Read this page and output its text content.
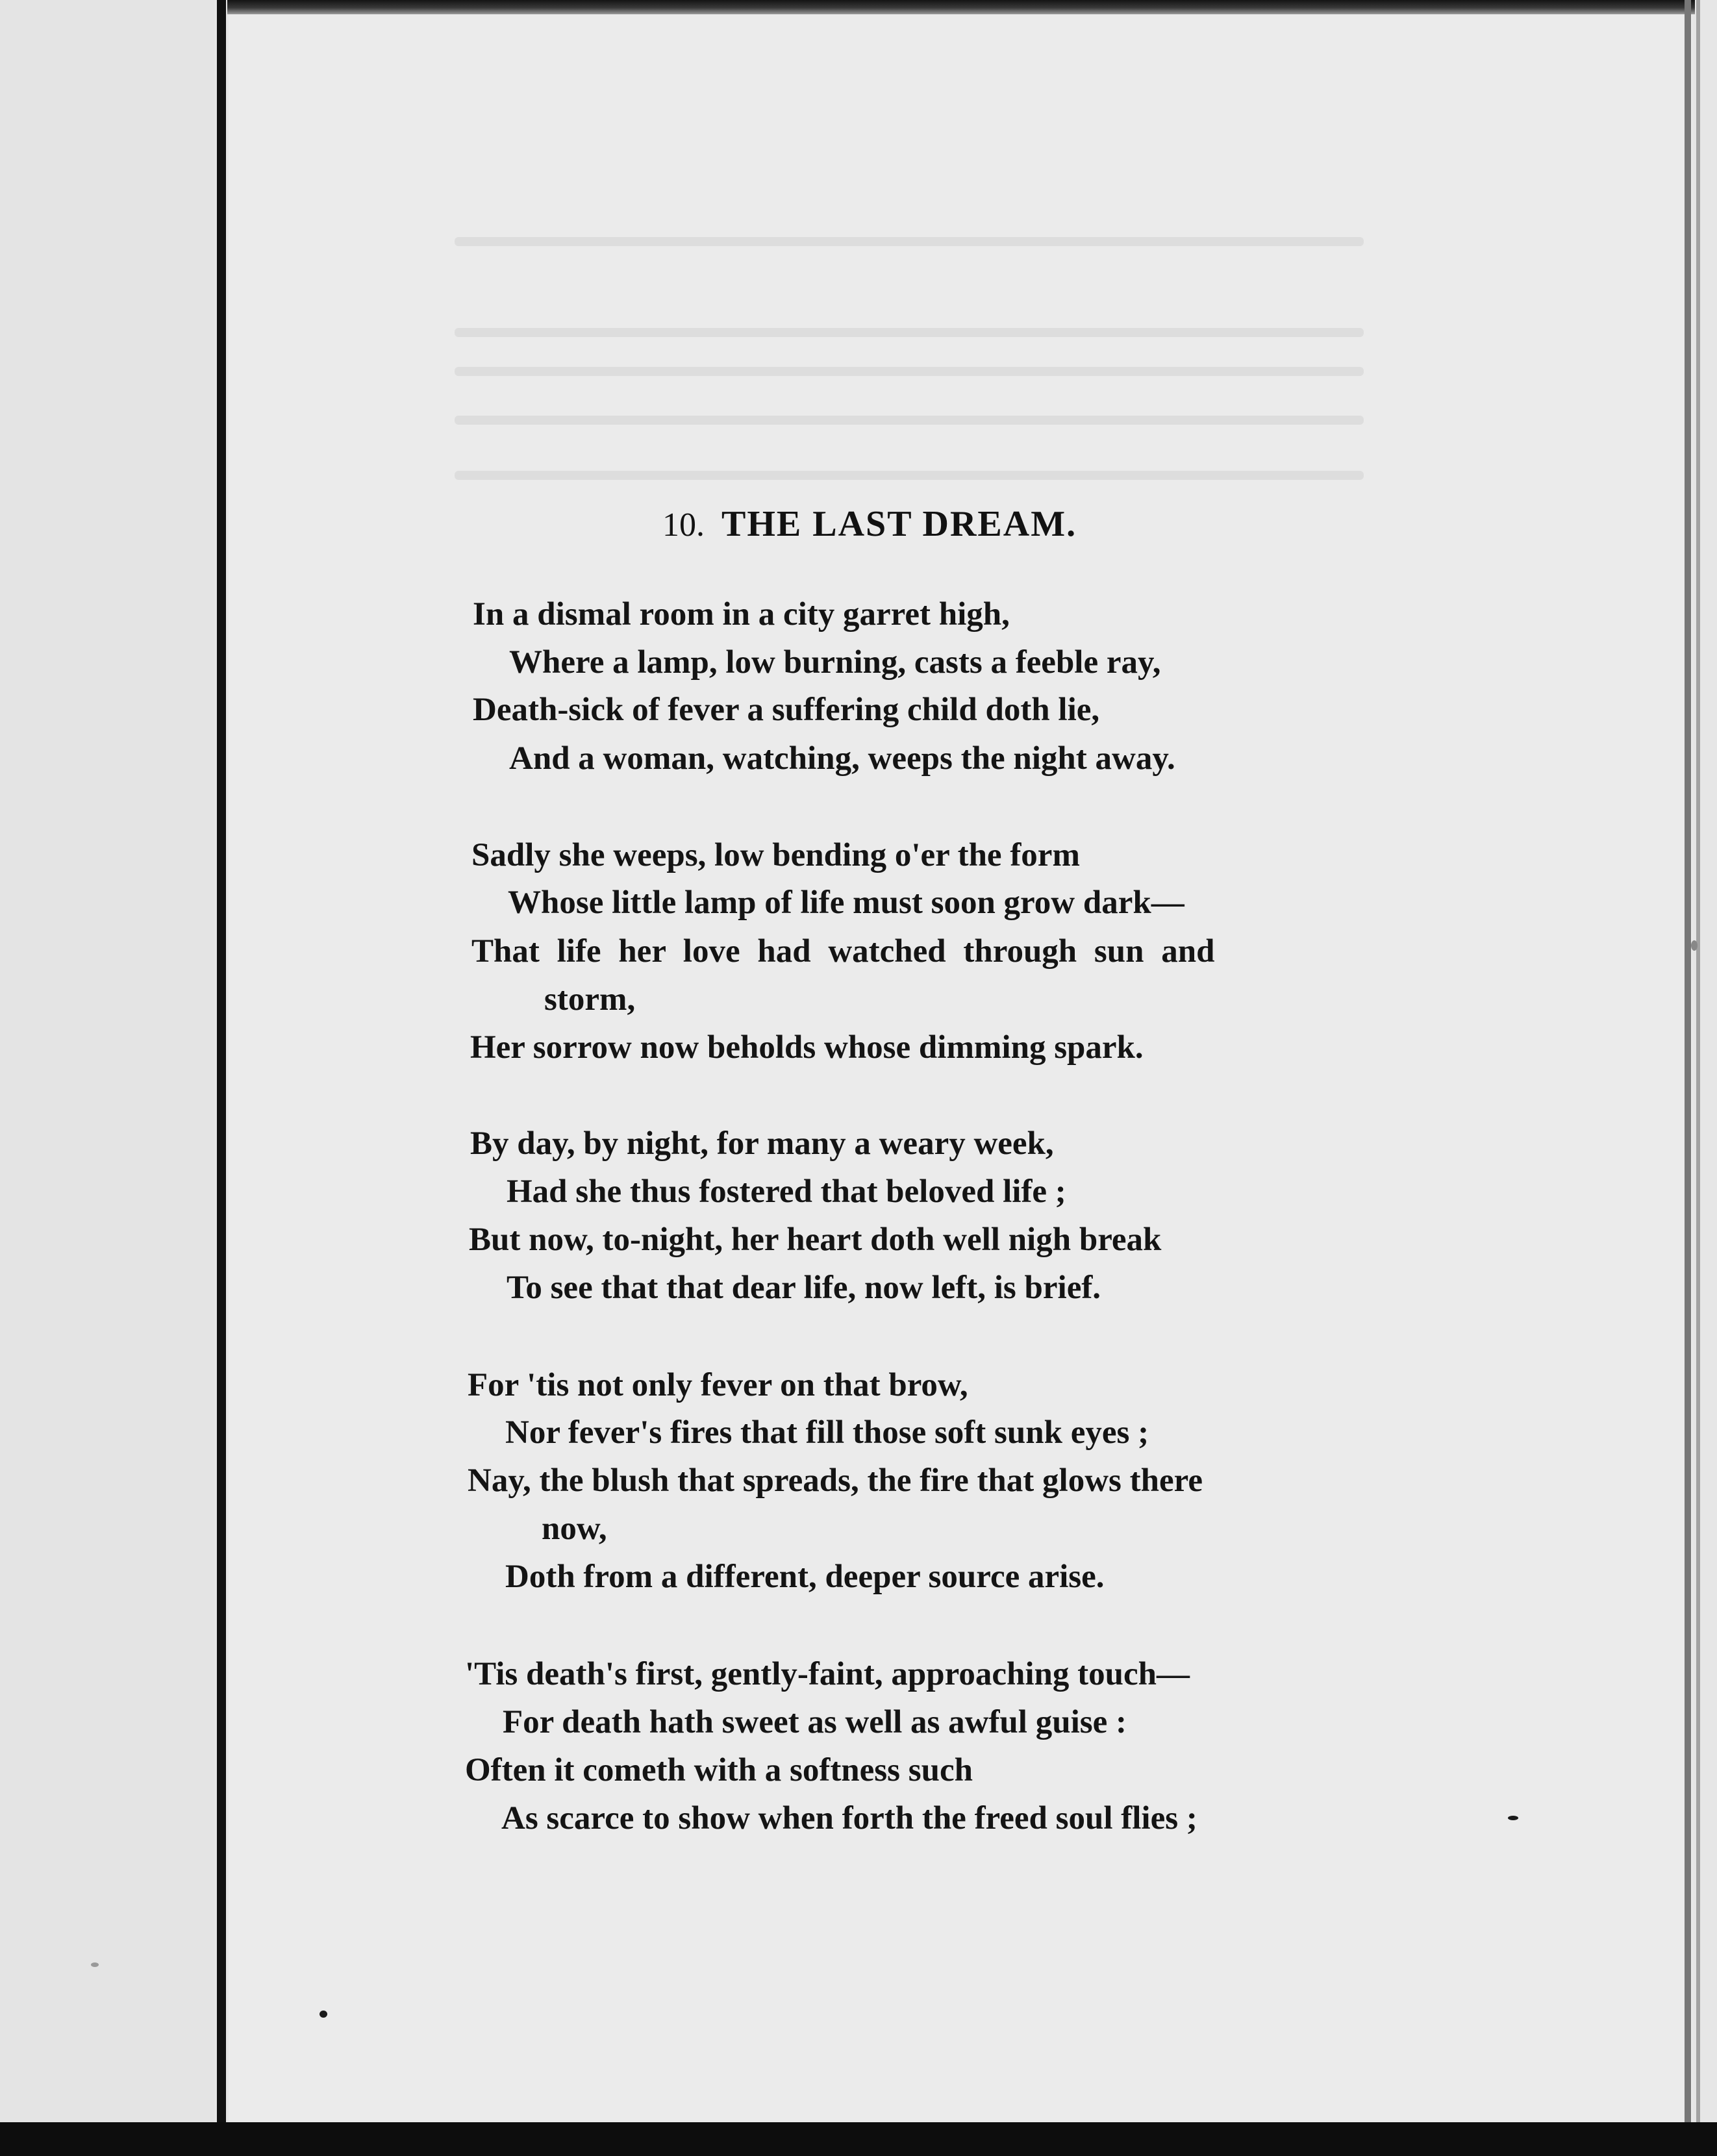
10. THE LAST DREAM.

In a dismal room in a city garret high,

Where a lamp, low burning, casts a feeble ray,

Death-sick of fever a suffering child doth lie,

And a woman, watching, weeps the night away.

Sadly she weeps, low bending o'er the form

Whose little lamp of life must soon grow dark—

That life her love had watched through sun and

storm,

Her sorrow now beholds whose dimming spark.

By day, by night, for many a weary week,

Had she thus fostered that beloved life ;

But now, to-night, her heart doth well nigh break

To see that that dear life, now left, is brief.

For 'tis not only fever on that brow,

Nor fever's fires that fill those soft sunk eyes ;

Nay, the blush that spreads, the fire that glows there

now,

Doth from a different, deeper source arise.

'Tis death's first, gently-faint, approaching touch—

For death hath sweet as well as awful guise :

Often it cometh with a softness such

As scarce to show when forth the freed soul flies ;
